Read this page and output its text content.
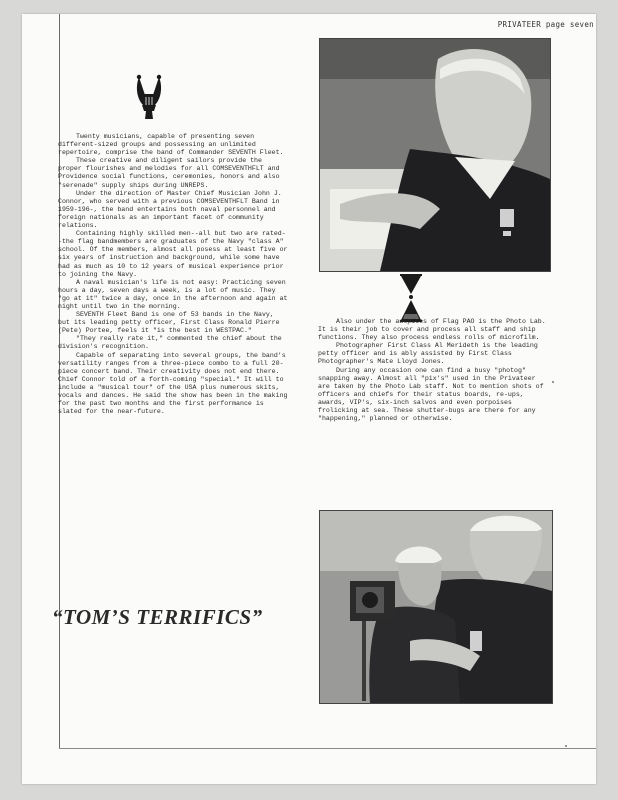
PRIVATEER page seven

Twenty musicians, capable of presenting seven different-sized groups and possessing an unlimited repertoire, comprise the band of Commander SEVENTH Fleet.

These creative and diligent sailors provide the proper flourishes and melodies for all COMSEVENTHFLT and Providence social functions, ceremonies, honors and also "serenade" supply ships during UNREPS.

Under the direction of Master Chief Musician John J. Connor, who served with a previous COMSEVENTHFLT Band in 1959-196-, the band entertains both naval personnel and foreign nationals as an important facet of community relations.

Containing highly skilled men--all but two are rated--the flag bandmembers are graduates of the Navy "class A" school. Of the members, almost all posess at least five or six years of instruction and background, while some have had as much as 10 to 12 years of musical experience prior to joining the Navy.

A naval musician's life is not easy: Practicing seven hours a day, seven days a week, is a lot of music. They "go at it" twice a day, once in the afternoon and again at night until two in the morning.

SEVENTH Fleet Band is one of 53 bands in the Navy, but its leading petty officer, First Class Ronald Pierre (Pete) Portee, feels it "is the best in WESTPAC."

"They really rate it," commented the chief about the division's recognition.

Capable of separating into several groups, the band's versatility ranges from a three-piece combo to a full 20-piece concert band. Their creativity does not end there. Chief Connor told of a forth-coming "special." It will to include a "musical tour" of the USA plus numerous skits, vocals and dances. He said the show has been in the making for the past two months and the first performance is slated for the near-future.

“TOM’S TERRIFICS”

Also under the auspices of Flag PAO is the Photo Lab. It is their job to cover and process all staff and ship functions. They also process endless rolls of microfilm.

Photographer First Class Al Merideth is the leading petty officer and is ably assisted by First Class Photographer's Mate Lloyd Jones.

During any occasion one can find a busy "photog" snapping away. Almost all "pix's" used in the Privateer are taken by the Photo Lab staff. Not to mention shots of officers and chiefs for their status boards, re-ups, awards, VIP's, six-inch salvos and even porpoises frolicking at sea. These shutter-bugs are there for any "happening," planned or otherwise.
